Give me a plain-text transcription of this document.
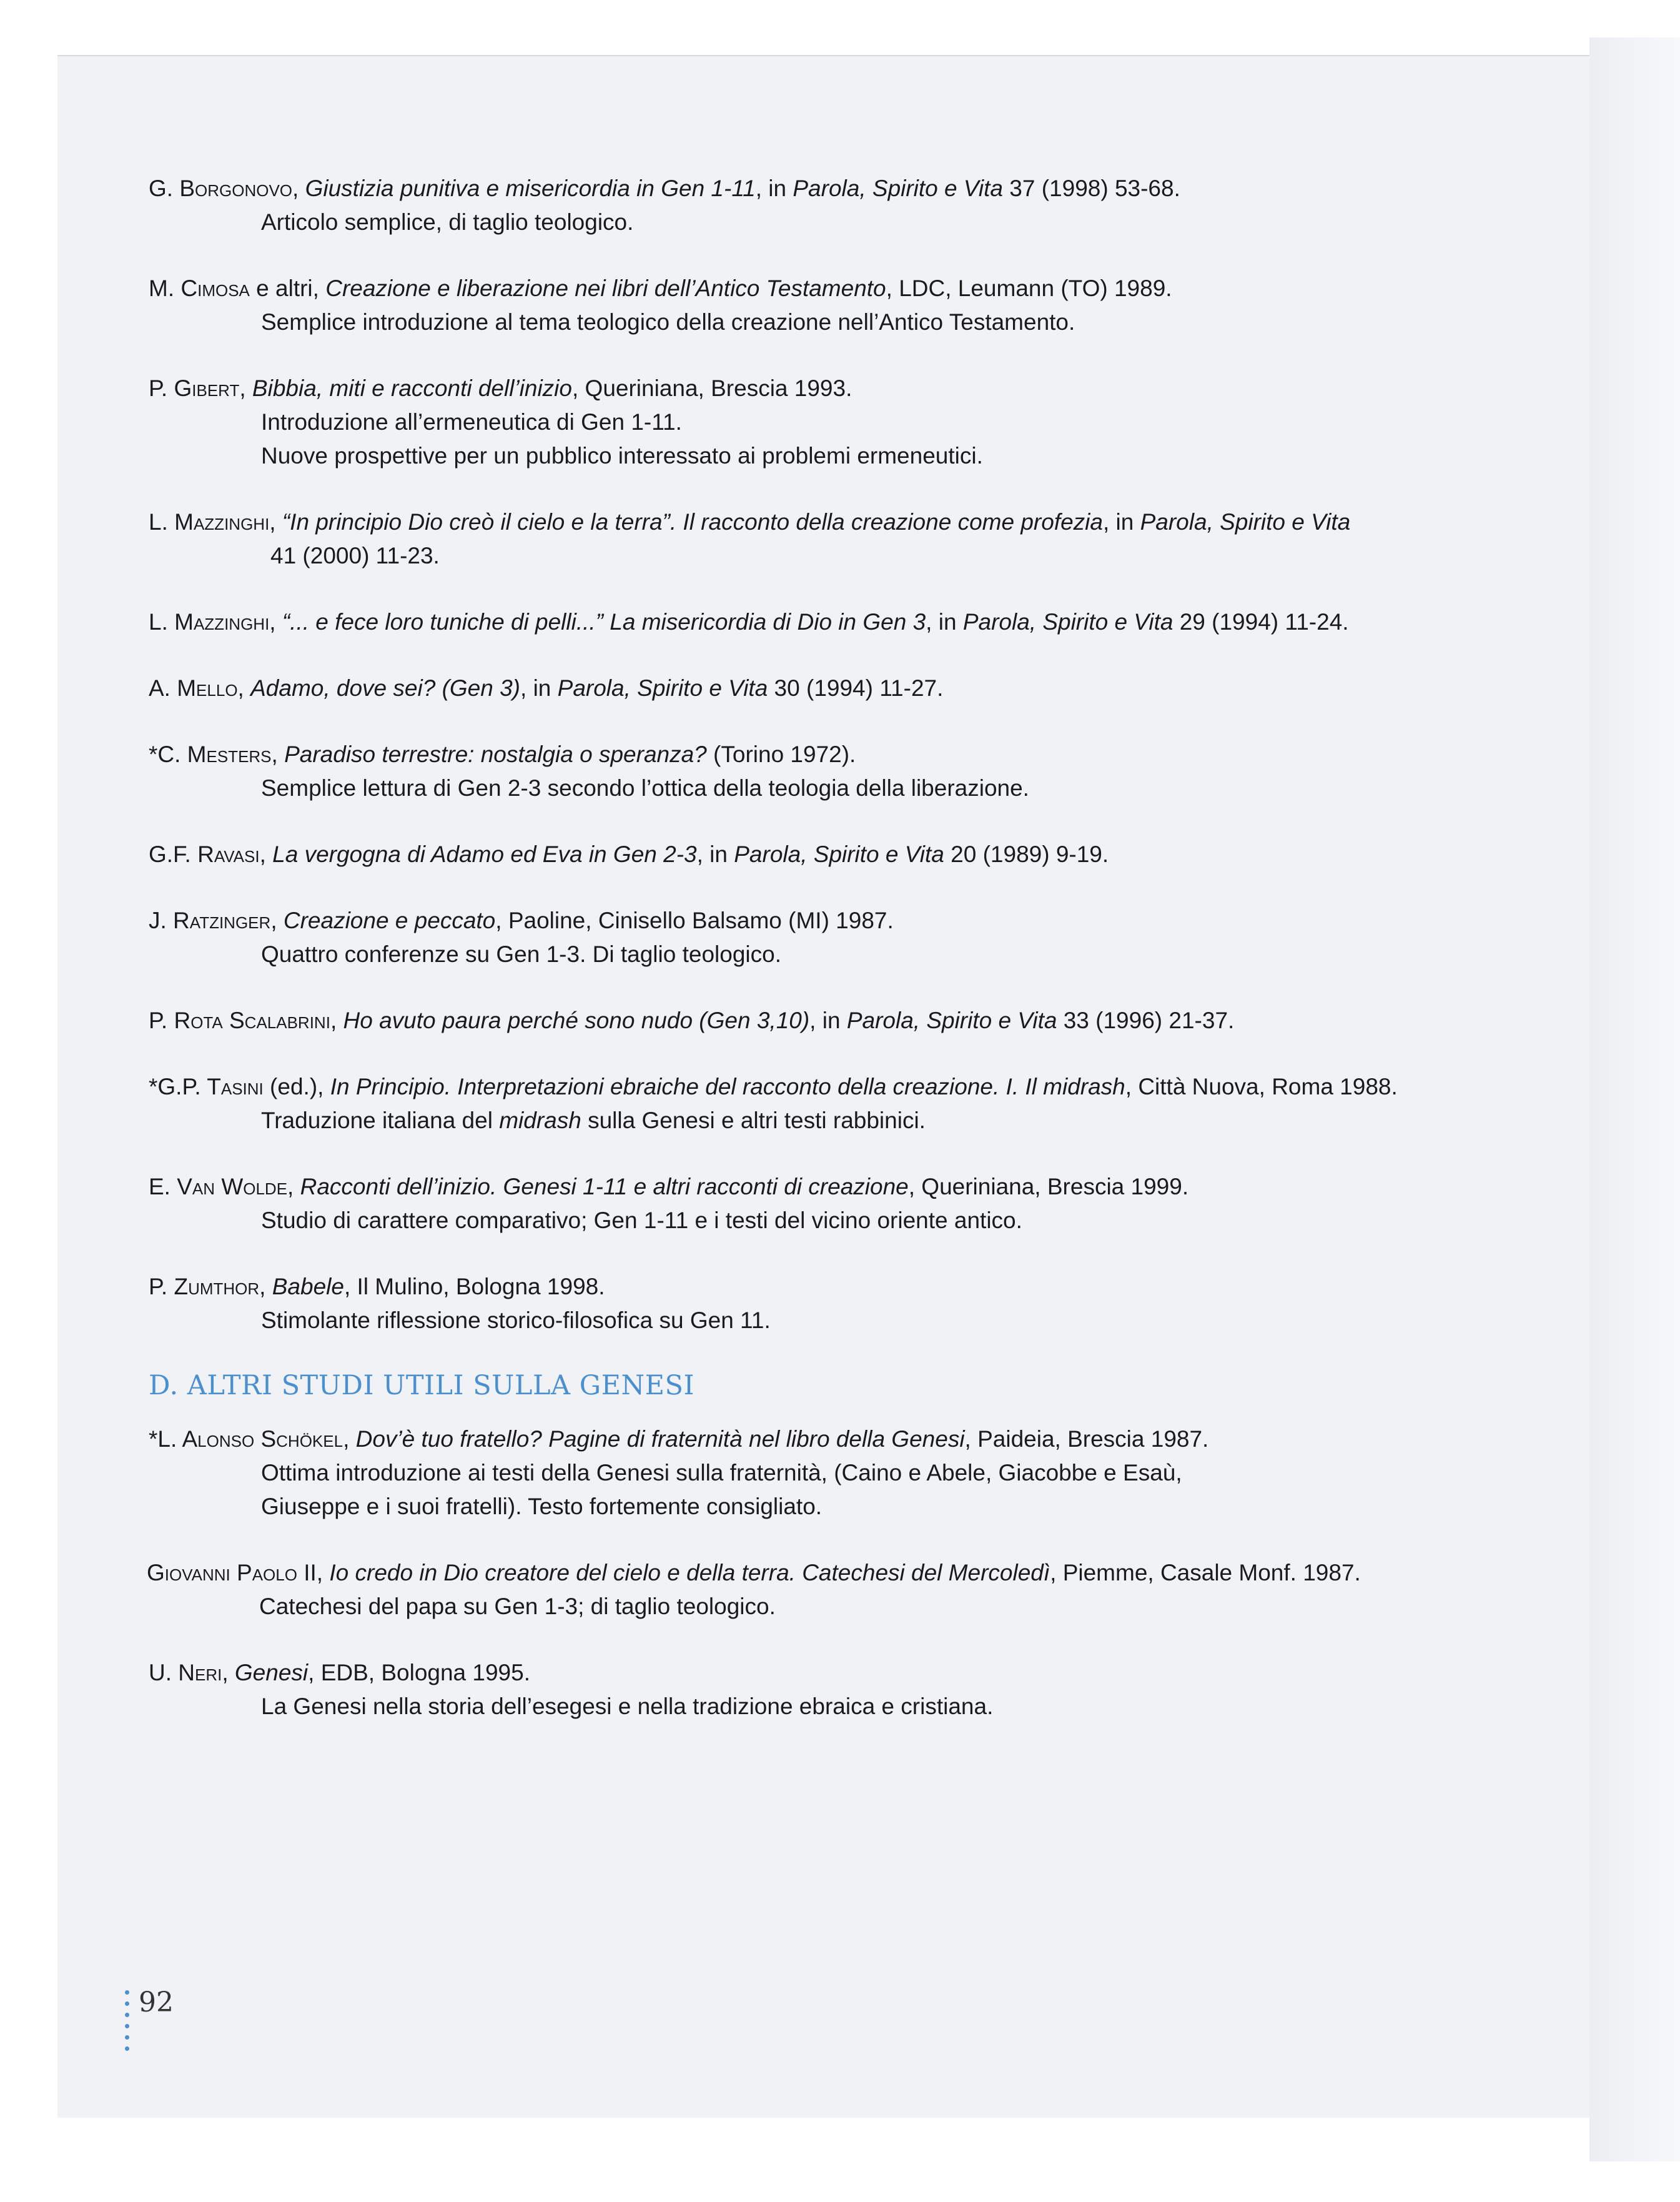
G. Borgonovo, Giustizia punitiva e misericordia in Gen 1-11, in Parola, Spirito e Vita 37 (1998) 53-68.
Articolo semplice, di taglio teologico.
M. Cimosa e altri, Creazione e liberazione nei libri dell’Antico Testamento, LDC, Leumann (TO) 1989.
Semplice introduzione al tema teologico della creazione nell’Antico Testamento.
P. Gibert, Bibbia, miti e racconti dell’inizio, Queriniana, Brescia 1993.
Introduzione all’ermeneutica di Gen 1-11.
Nuove prospettive per un pubblico interessato ai problemi ermeneutici.
L. Mazzinghi, “In principio Dio creò il cielo e la terra”. Il racconto della creazione come profezia, in Parola, Spirito e Vita
41 (2000) 11-23.
L. Mazzinghi, “... e fece loro tuniche di pelli...” La misericordia di Dio in Gen 3, in Parola, Spirito e Vita 29 (1994) 11-24.
A. Mello, Adamo, dove sei? (Gen 3), in Parola, Spirito e Vita 30 (1994) 11-27.
*C. Mesters, Paradiso terrestre: nostalgia o speranza? (Torino 1972).
Semplice lettura di Gen 2-3 secondo l’ottica della teologia della liberazione.
G.F. Ravasi, La vergogna di Adamo ed Eva in Gen 2-3, in Parola, Spirito e Vita 20 (1989) 9-19.
J. Ratzinger, Creazione e peccato, Paoline, Cinisello Balsamo (MI) 1987.
Quattro conferenze su Gen 1-3. Di taglio teologico.
P. Rota Scalabrini, Ho avuto paura perché sono nudo (Gen 3,10), in Parola, Spirito e Vita 33 (1996) 21-37.
*G.P. Tasini (ed.), In Principio. Interpretazioni ebraiche del racconto della creazione. I. Il midrash, Città Nuova, Roma 1988.
Traduzione italiana del midrash sulla Genesi e altri testi rabbinici.
E. Van Wolde, Racconti dell’inizio. Genesi 1-11 e altri racconti di creazione, Queriniana, Brescia 1999.
Studio di carattere comparativo; Gen 1-11 e i testi del vicino oriente antico.
P. Zumthor, Babele, Il Mulino, Bologna 1998.
Stimolante riflessione storico-filosofica su Gen 11.
D. ALTRI STUDI UTILI SULLA GENESI
*L. Alonso Schökel, Dov’è tuo fratello? Pagine di fraternità nel libro della Genesi, Paideia, Brescia 1987.
Ottima introduzione ai testi della Genesi sulla fraternità, (Caino e Abele, Giacobbe e Esaù,
Giuseppe e i suoi fratelli). Testo fortemente consigliato.
Giovanni Paolo II, Io credo in Dio creatore del cielo e della terra. Catechesi del Mercoledì, Piemme, Casale Monf. 1987.
Catechesi del papa su Gen 1-3; di taglio teologico.
U. Neri, Genesi, EDB, Bologna 1995.
La Genesi nella storia dell’esegesi e nella tradizione ebraica e cristiana.
92
